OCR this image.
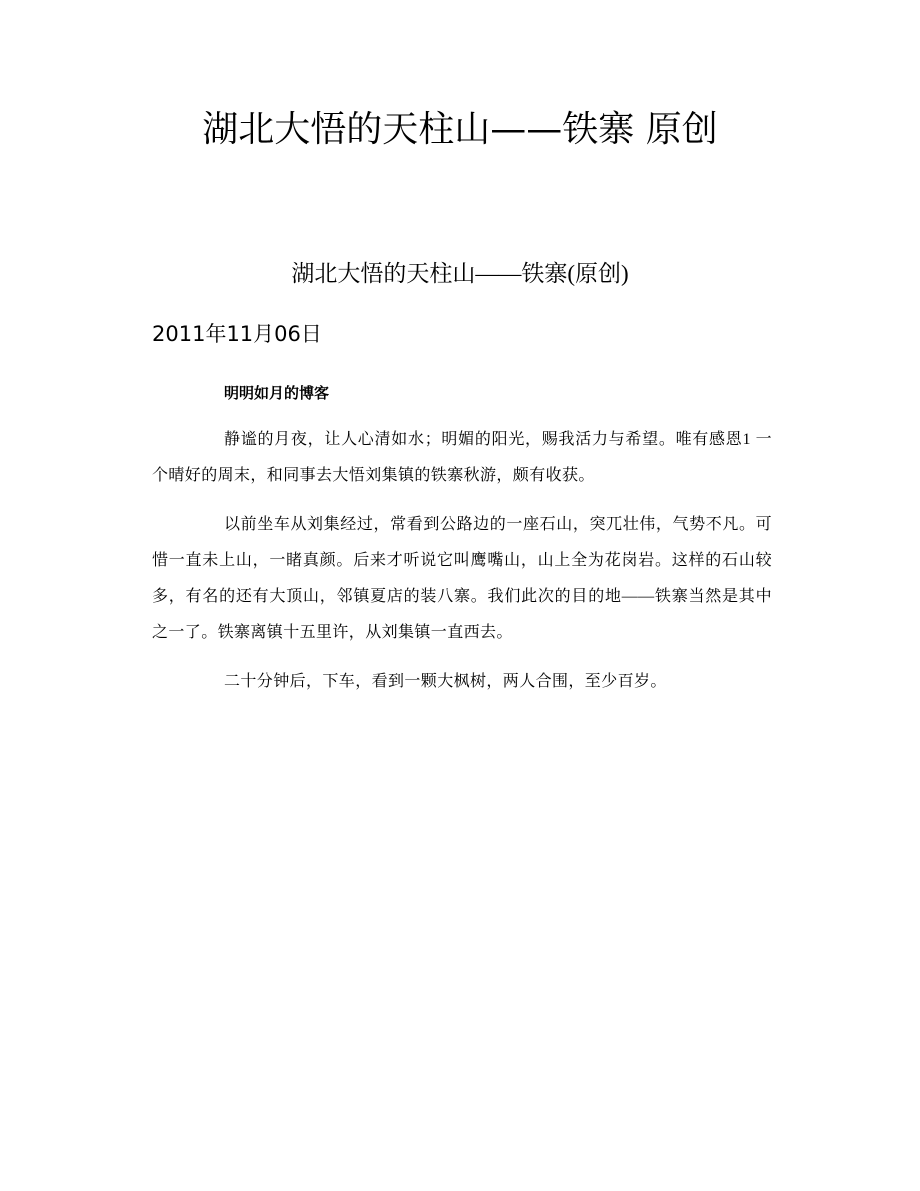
湖北大悟的天柱山——铁寨 原创
湖北大悟的天柱山——铁寨(原创)
2011年11月06日
明明如月的博客

静谧的月夜，让人心清如水；明媚的阳光，赐我活力与希望。唯有感恩1 一个晴好的周末，和同事去大悟刘集镇的铁寨秋游，颇有收获。

以前坐车从刘集经过，常看到公路边的一座石山，突兀壮伟，气势不凡。可惜一直未上山，一睹真颜。后来才听说它叫鹰嘴山，山上全为花岗岩。这样的石山较多，有名的还有大顶山，邻镇夏店的装八寨。我们此次的目的地——铁寨当然是其中之一了。铁寨离镇十五里许，从刘集镇一直西去。

二十分钟后，下车，看到一颗大枫树，两人合围，至少百岁。
